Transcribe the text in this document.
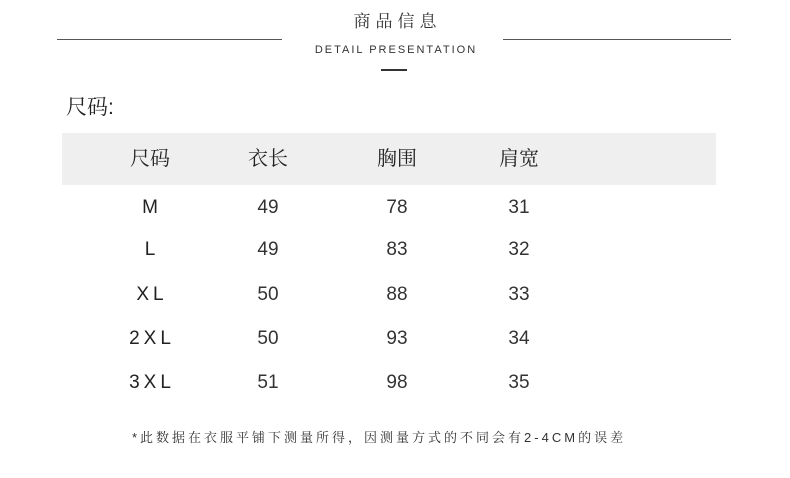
商品信息
DETAIL PRESENTATION
尺码:
尺码	衣长	胸围	肩宽
M	49	78	31
L	49	83	32
XL	50	88	33
2XL	50	93	34
3XL	51	98	35
*此数据在衣服平铺下测量所得，因测量方式的不同会有2-4CM的误差
